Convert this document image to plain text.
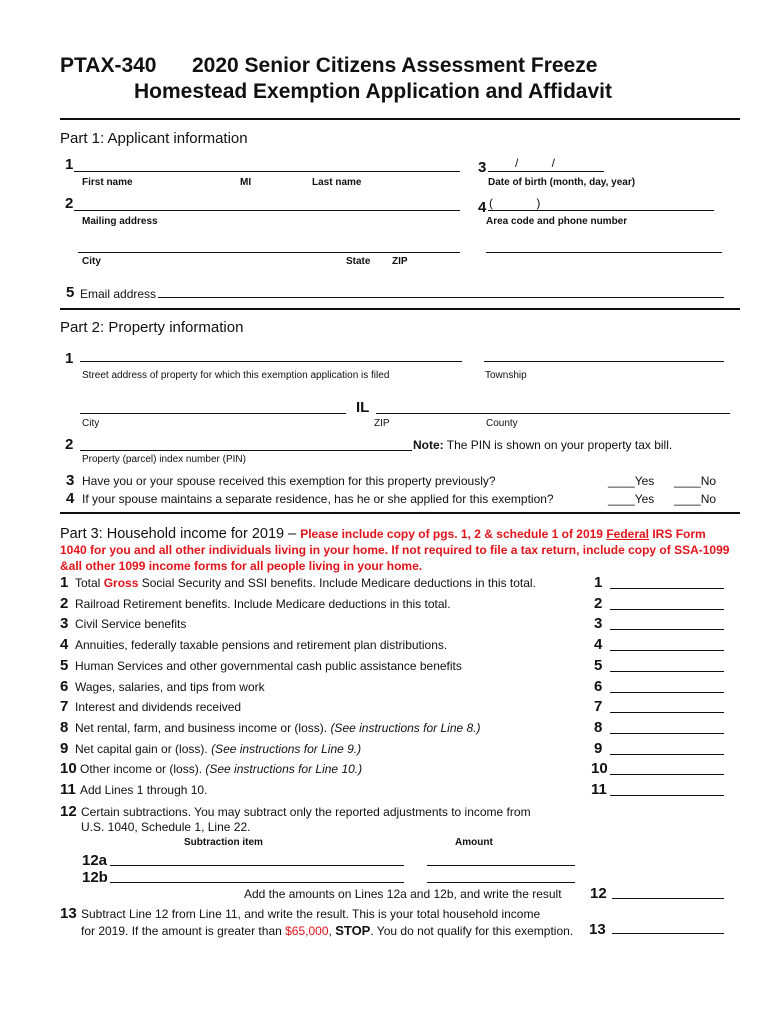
PTAX-340 2020 Senior Citizens Assessment Freeze
Homestead Exemption Application and Affidavit
Part 1: Applicant information
1
First name	MI	Last name
3 / /
Date of birth (month, day, year)
2
Mailing address
4 ( )
Area code and phone number
City	State ZIP
5 Email address
Part 2: Property information
1
Street address of property for which this exemption application is filed	Township
IL
City	ZIP	County
2	Note: The PIN is shown on your property tax bill.
Property (parcel) index number (PIN)
3 Have you or your spouse received this exemption for this property previously?	____Yes ____No
4 If your spouse maintains a separate residence, has he or she applied for this exemption?	____Yes ____No
Part 3: Household income for 2019 – Please include copy of pgs. 1, 2 & schedule 1 of 2019 Federal IRS Form 1040 for you and all other individuals living in your home. If not required to file a tax return, include copy of SSA-1099 &all other 1099 income forms for all people living in your home.
1 Total Gross Social Security and SSI benefits. Include Medicare deductions in this total.	1
2 Railroad Retirement benefits. Include Medicare deductions in this total.	2
3 Civil Service benefits	3
4 Annuities, federally taxable pensions and retirement plan distributions.	4
5 Human Services and other governmental cash public assistance benefits	5
6 Wages, salaries, and tips from work	6
7 Interest and dividends received	7
8 Net rental, farm, and business income or (loss). (See instructions for Line 8.)	8
9 Net capital gain or (loss). (See instructions for Line 9.)	9
10 Other income or (loss). (See instructions for Line 10.)	10
11 Add Lines 1 through 10.	11
12 Certain subtractions. You may subtract only the reported adjustments to income from
U.S. 1040, Schedule 1, Line 22.
Subtraction item	Amount
12a
12b
Add the amounts on Lines 12a and 12b, and write the result 12
13 Subtract Line 12 from Line 11, and write the result. This is your total household income
for 2019. If the amount is greater than $65,000, STOP. You do not qualify for this exemption. 13
